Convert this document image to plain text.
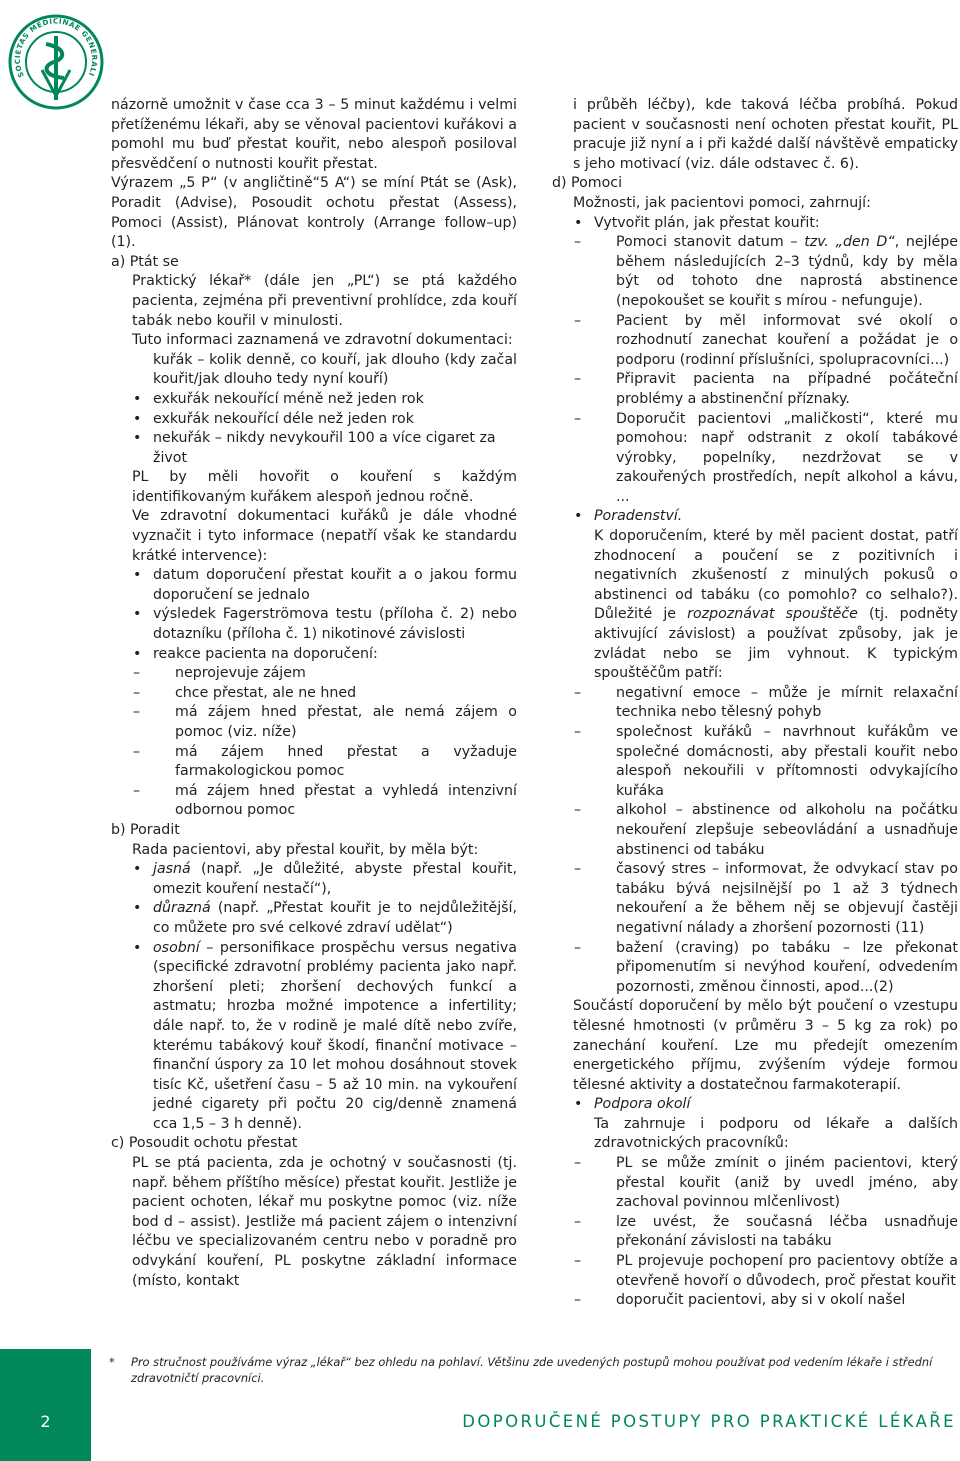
SOCIETAS MEDICINAE GENERALI

názorně umožnit v čase cca 3 – 5 minut každému i velmi přetíženému lékaři, aby se věnoval pacientovi kuřákovi a pomohl mu buď přestat kouřit, nebo alespoň posiloval přesvědčení o nutnosti kouřit přestat.

Výrazem „5 P“ (v angličtině“5 A“) se míní Ptát se (Ask), Poradit (Advise), Posoudit ochotu přestat (Assess), Pomoci (Assist), Plánovat kontroly (Arrange follow–up) (1).

a) Ptát se

Praktický lékař* (dále jen „PL“) se ptá každého pacienta, zejména při preventivní prohlídce, zda kouří tabák nebo kouřil v minulosti.

Tuto informaci zaznamená ve zdravotní dokumentaci:

kuřák – kolik denně, co kouří, jak dlouho (kdy začal kouřit/jak dlouho tedy nyní kouří)

• exkuřák nekouřící méně než jeden rok

• exkuřák nekouřící déle než jeden rok

• nekuřák – nikdy nevykouřil 100 a více cigaret za život

PL by měli hovořit o kouření s každým identifikovaným kuřákem alespoň jednou ročně.

Ve zdravotní dokumentaci kuřáků je dále vhodné vyznačit i tyto informace (nepatří však ke standardu krátké intervence):

• datum doporučení přestat kouřit a o jakou formu doporučení se jednalo

• výsledek Fagerströmova testu (příloha č. 2) nebo dotazníku (příloha č. 1) nikotinové závislosti

• reakce pacienta na doporučení:

– neprojevuje zájem

– chce přestat, ale ne hned

– má zájem hned přestat, ale nemá zájem o pomoc (viz. níže)

– má zájem hned přestat a vyžaduje farmakologickou pomoc

– má zájem hned přestat a vyhledá intenzivní odbornou pomoc

b) Poradit

Rada pacientovi, aby přestal kouřit, by měla být:

• jasná (např. „Je důležité, abyste přestal kouřit, omezit kouření nestačí“),

• důrazná (např. „Přestat kouřit je to nejdůležitější, co můžete pro své celkové zdraví udělat“)

• osobní – personifikace prospěchu versus negativa (specifické zdravotní problémy pacienta jako např. zhoršení pleti; zhoršení dechových funkcí a astmatu; hrozba možné impotence a infertility; dále např. to, že v rodině je malé dítě nebo zvíře, kterému tabákový kouř škodí, finanční motivace – finanční úspory za 10 let mohou dosáhnout stovek tisíc Kč, ušetření času – 5 až 10 min. na vykouření jedné cigarety při počtu 20 cig/denně znamená cca 1,5 – 3 h denně).

c) Posoudit ochotu přestat

PL se ptá pacienta, zda je ochotný v současnosti (tj. např. během příštího měsíce) přestat kouřit. Jestliže je pacient ochoten, lékař mu poskytne pomoc (viz. níže bod d – assist). Jestliže má pacient zájem o intenzivní léčbu ve specializovaném centru nebo v poradně pro odvykání kouření, PL poskytne základní informace (místo, kontakt

i průběh léčby), kde taková léčba probíhá. Pokud pacient v současnosti není ochoten přestat kouřit, PL pracuje již nyní a i při každé další návštěvě empaticky s jeho motivací (viz. dále odstavec č. 6).

d) Pomoci

Možnosti, jak pacientovi pomoci, zahrnují:

• Vytvořit plán, jak přestat kouřit:

– Pomoci stanovit datum – tzv. „den D“, nejlépe během následujících 2–3 týdnů, kdy by měla být od tohoto dne naprostá abstinence (nepokoušet se kouřit s mírou - nefunguje).

– Pacient by měl informovat své okolí o rozhodnutí zanechat kouření a požádat je o podporu (rodinní příslušníci, spolupracovníci...)

– Připravit pacienta na případné počáteční problémy a abstinenční příznaky.

– Doporučit pacientovi „maličkosti“, které mu pomohou: např odstranit z okolí tabákové výrobky, popelníky, nezdržovat se v zakouřených prostředích, nepít alkohol a kávu, ...

• Poradenství.

K doporučením, které by měl pacient dostat, patří zhodnocení a poučení se z pozitivních i negativních zkušeností z minulých pokusů o abstinenci od tabáku (co pomohlo? co selhalo?). Důležité je rozpoznávat spouštěče (tj. podněty aktivující závislost) a používat způsoby, jak je zvládat nebo se jim vyhnout. K typickým spouštěčům patří:

– negativní emoce – může je mírnit relaxační technika nebo tělesný pohyb

– společnost kuřáků – navrhnout kuřákům ve společné domácnosti, aby přestali kouřit nebo alespoň nekouřili v přítomnosti odvykajícího kuřáka

– alkohol – abstinence od alkoholu na počátku nekouření zlepšuje sebeovládání a usnadňuje abstinenci od tabáku

– časový stres – informovat, že odvykací stav po tabáku bývá nejsilnější po 1 až 3 týdnech nekouření a že během něj se objevují častěji negativní nálady a zhoršení pozornosti (11)

– bažení (craving) po tabáku – lze překonat připomenutím si nevýhod kouření, odvedením pozornosti, změnou činnosti, apod...(2)

Součástí doporučení by mělo být poučení o vzestupu tělesné hmotnosti (v průměru 3 – 5 kg za rok) po zanechání kouření. Lze mu předejít omezením energetického příjmu, zvýšením výdeje formou tělesné aktivity a dostatečnou farmakoterapií.

• Podpora okolí

Ta zahrnuje i podporu od lékaře a dalších zdravotnických pracovníků:

– PL se může zmínit o jiném pacientovi, který přestal kouřit (aniž by uvedl jméno, aby zachoval povinnou mlčenlivost)

– lze uvést, že současná léčba usnadňuje překonání závislosti na tabáku

– PL projevuje pochopení pro pacientovy obtíže a otevřeně hovoří o důvodech, proč přestat kouřit

– doporučit pacientovi, aby si v okolí našel

*	Pro stručnost používáme výraz „lékař“ bez ohledu na pohlaví. Většinu zde uvedených postupů mohou používat pod vedením lékaře i střední zdravotničtí pracovníci.
2	DOPORUČENÉ POSTUPY PRO PRAKTICKÉ LÉKAŘE
